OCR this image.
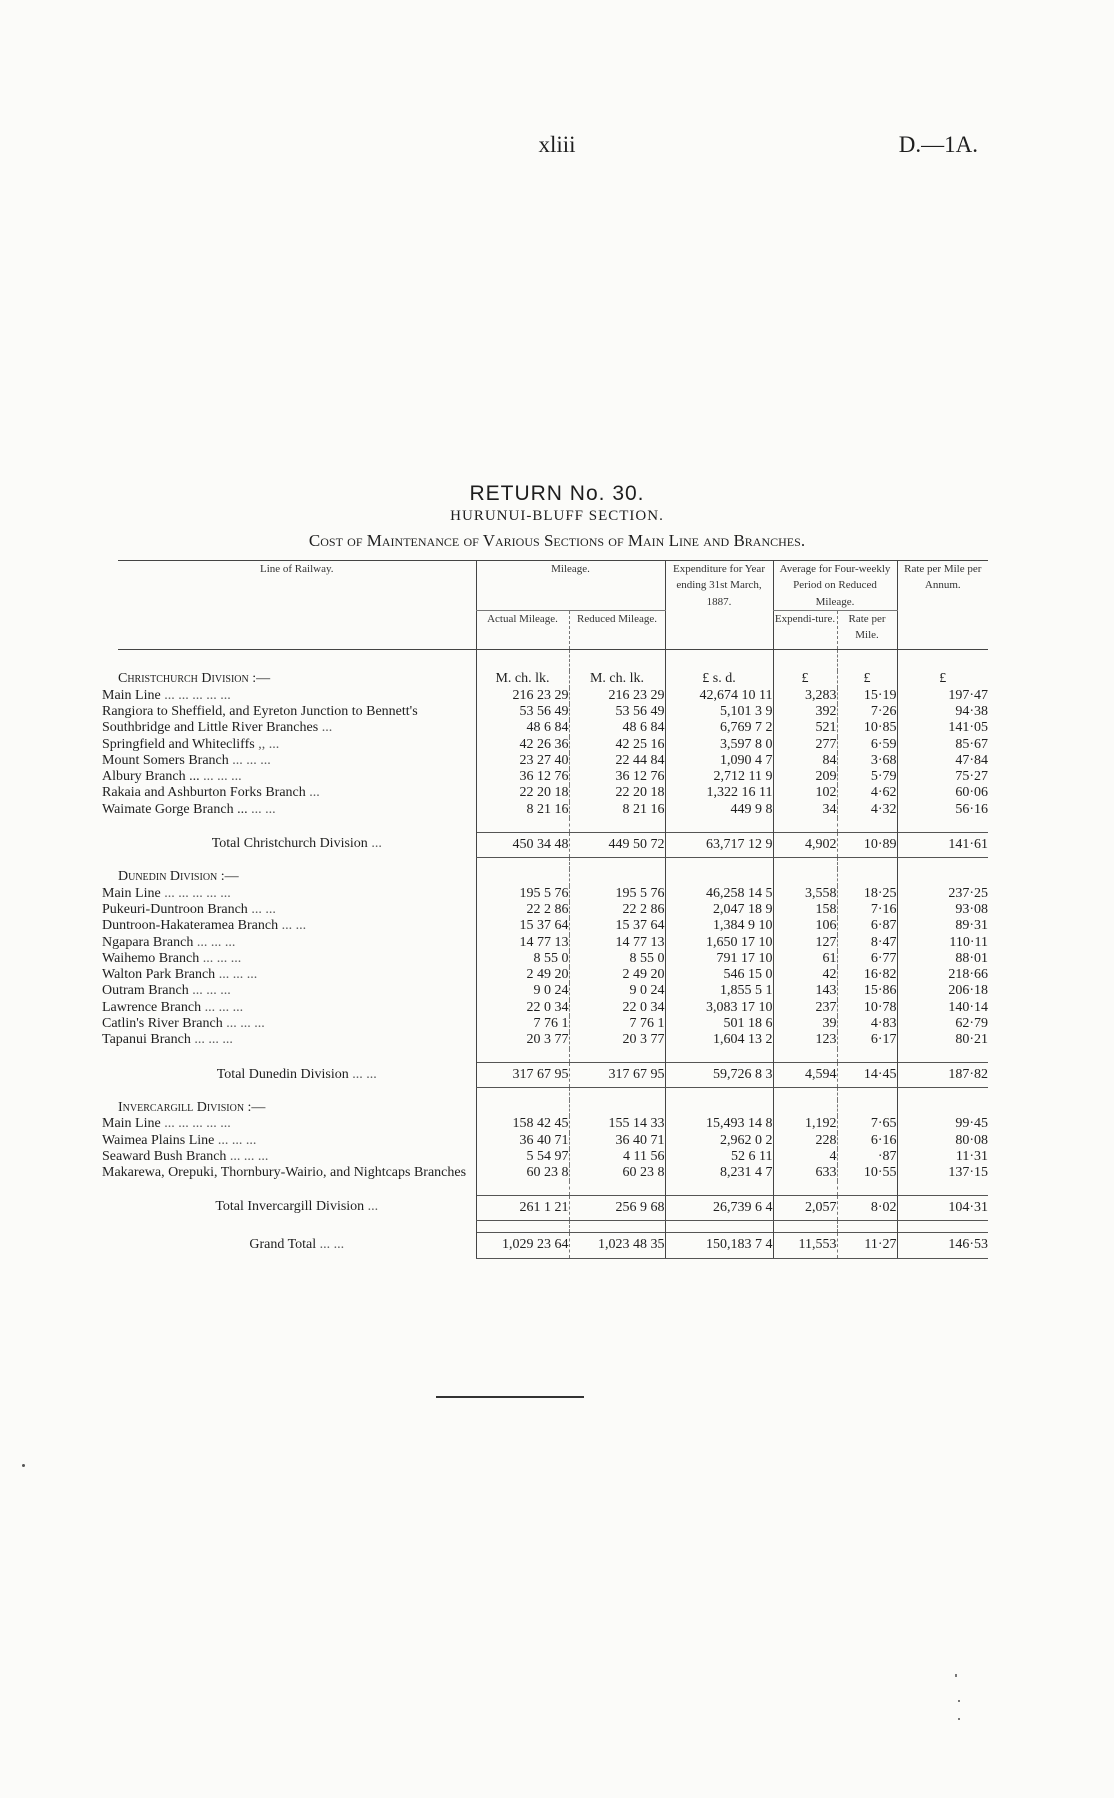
xliii	D.—1A.
RETURN No. 30.
HURUNUI-BLUFF SECTION.
Cost of Maintenance of Various Sections of Main Line and Branches.
Line of Railway.	Mileage.		Expenditure for Year ending 31st March, 1887.	Average for Four-weekly Period on Reduced Mileage.		Rate per Mile per Annum.
	Actual Mileage.	Reduced Mileage.		Expendi-ture.	Rate per Mile.	

Christchurch Division :—	M. ch. lk.	M. ch. lk.	£ s. d.	£	£	£
Main Line ... ... ... ... ...	216 23 29	216 23 29	42,674 10 11	3,283	15·19	197·47
Rangiora to Sheffield, and Eyreton Junction to Bennett's	53 56 49	53 56 49	5,101 3 9	392	7·26	94·38
Southbridge and Little River Branches ...	48 6 84	48 6 84	6,769 7 2	521	10·85	141·05
Springfield and Whitecliffs ,, ...	42 26 36	42 25 16	3,597 8 0	277	6·59	85·67
Mount Somers Branch ... ... ...	23 27 40	22 44 84	1,090 4 7	84	3·68	47·84
Albury Branch ... ... ... ...	36 12 76	36 12 76	2,712 11 9	209	5·79	75·27
Rakaia and Ashburton Forks Branch ...	22 20 18	22 20 18	1,322 16 11	102	4·62	60·06
Waimate Gorge Branch ... ... ...	8 21 16	8 21 16	449 9 8	34	4·32	56·16

Total Christchurch Division ...	450 34 48	449 50 72	63,717 12 9	4,902	10·89	141·61

Dunedin Division :—						
Main Line ... ... ... ... ...	195 5 76	195 5 76	46,258 14 5	3,558	18·25	237·25
Pukeuri-Duntroon Branch ... ...	22 2 86	22 2 86	2,047 18 9	158	7·16	93·08
Duntroon-Hakateramea Branch ... ...	15 37 64	15 37 64	1,384 9 10	106	6·87	89·31
Ngapara Branch ... ... ...	14 77 13	14 77 13	1,650 17 10	127	8·47	110·11
Waihemo Branch ... ... ...	8 55 0	8 55 0	791 17 10	61	6·77	88·01
Walton Park Branch ... ... ...	2 49 20	2 49 20	546 15 0	42	16·82	218·66
Outram Branch ... ... ...	9 0 24	9 0 24	1,855 5 1	143	15·86	206·18
Lawrence Branch ... ... ...	22 0 34	22 0 34	3,083 17 10	237	10·78	140·14
Catlin's River Branch ... ... ...	7 76 1	7 76 1	501 18 6	39	4·83	62·79
Tapanui Branch ... ... ...	20 3 77	20 3 77	1,604 13 2	123	6·17	80·21

Total Dunedin Division ... ...	317 67 95	317 67 95	59,726 8 3	4,594	14·45	187·82

Invercargill Division :—						
Main Line ... ... ... ... ...	158 42 45	155 14 33	15,493 14 8	1,192	7·65	99·45
Waimea Plains Line ... ... ...	36 40 71	36 40 71	2,962 0 2	228	6·16	80·08
Seaward Bush Branch ... ... ...	5 54 97	4 11 56	52 6 11	4	·87	11·31
Makarewa, Orepuki, Thornbury-Wairio, and Nightcaps Branches	60 23 8	60 23 8	8,231 4 7	633	10·55	137·15

Total Invercargill Division ...	261 1 21	256 9 68	26,739 6 4	2,057	8·02	104·31

Grand Total ... ...	1,029 23 64	1,023 48 35	150,183 7 4	11,553	11·27	146·53
